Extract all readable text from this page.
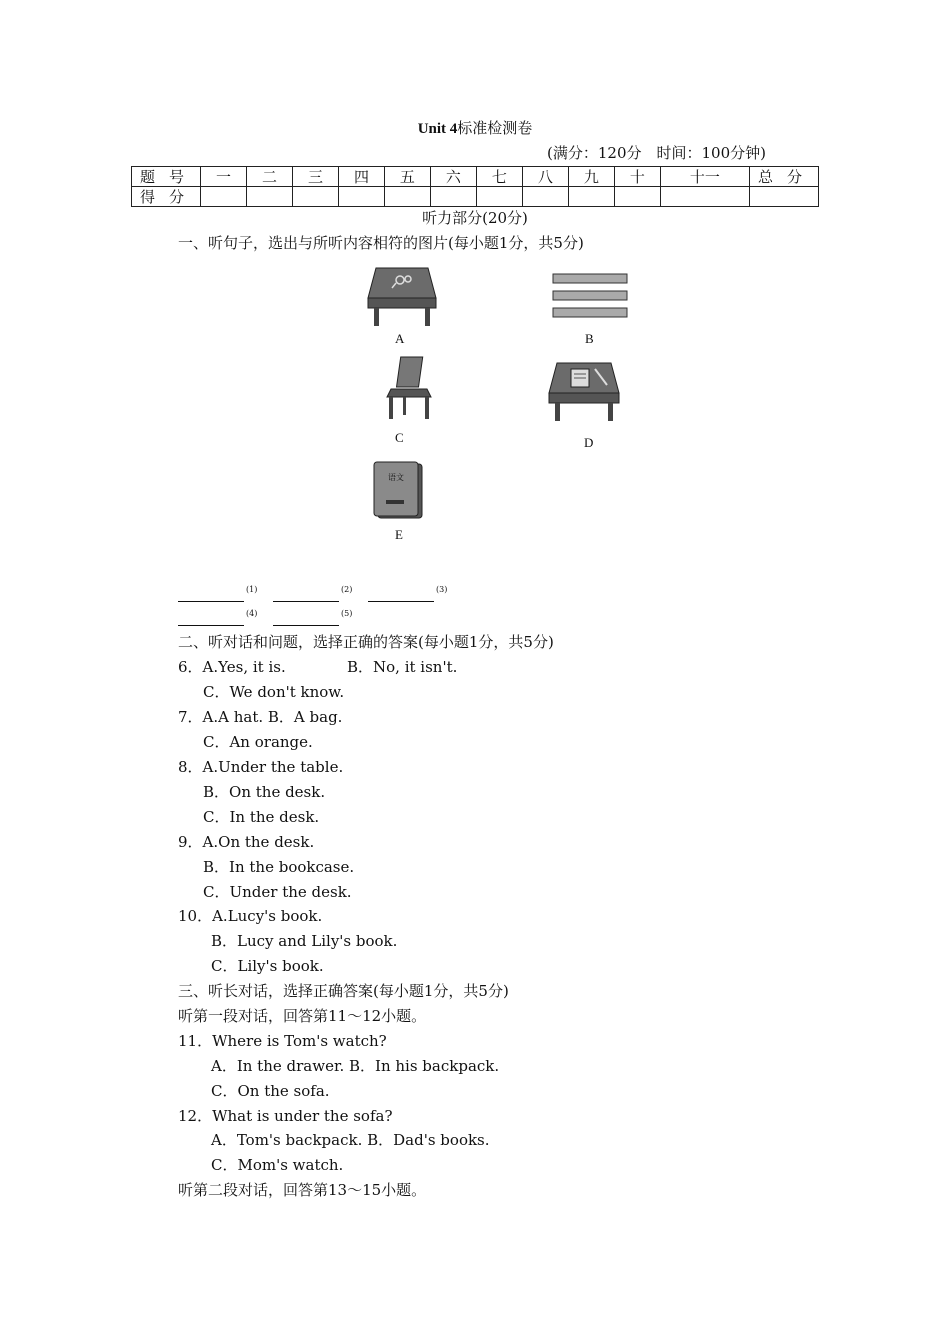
Unit 4标准检测卷
(满分：120分　时间：100分钟)
题号	一	二	三	四	五	六	七	八	九	十	十一	总分
得分												
听力部分(20分)
一、听句子，选出与所听内容相符的图片(每小题1分，共5分)
A	B
C	D
语文
E
$^{(1)}$	$^{(2)}$	$^{(3)}$
$^{(4)}$	$^{(5)}$
二、听对话和问题，选择正确的答案(每小题1分，共5分)
6．A.Yes, it is.	B．No, it isn't.
C．We don't know.
7．A.A hat. B．A bag.
C．An orange.
8．A.Under the table.
B．On the desk.
C．In the desk.
9．A.On the desk.
B．In the bookcase.
C．Under the desk.
10．A.Lucy's book.
B．Lucy and Lily's book.
C．Lily's book.
三、听长对话，选择正确答案(每小题1分，共5分)
听第一段对话，回答第11～12小题。
11．Where is Tom's watch?
A．In the drawer. B．In his backpack.
C．On the sofa.
12．What is under the sofa?
A．Tom's backpack. B．Dad's books.
C．Mom's watch.
听第二段对话，回答第13～15小题。
